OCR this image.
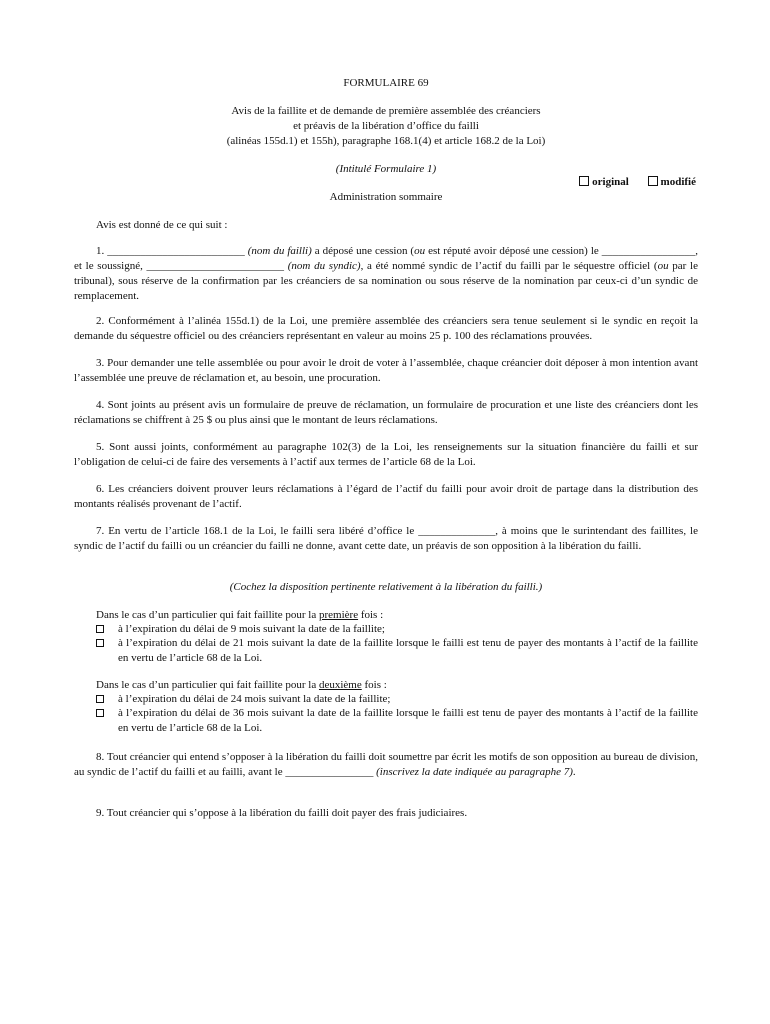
FORMULAIRE 69
Avis de la faillite et de demande de première assemblée des créanciers
et préavis de la libération d’office du failli
(alinéas 155d.1) et 155h), paragraphe 168.1(4) et article 168.2 de la Loi)
(Intitulé Formulaire 1)
original	modifié
Administration sommaire
Avis est donné de ce qui suit :
1. _________________________ (nom du failli) a déposé une cession (ou est réputé avoir déposé une cession) le _________________, et le soussigné, _________________________ (nom du syndic), a été nommé syndic de l’actif du failli par le séquestre officiel (ou par le tribunal), sous réserve de la confirmation par les créanciers de sa nomination ou sous réserve de la nomination par ceux-ci d’un syndic de remplacement.
2. Conformément à l’alinéa 155d.1) de la Loi, une première assemblée des créanciers sera tenue seulement si le syndic en reçoit la demande du séquestre officiel ou des créanciers représentant en valeur au moins 25 p. 100 des réclamations prouvées.
3. Pour demander une telle assemblée ou pour avoir le droit de voter à l’assemblée, chaque créancier doit déposer à mon intention avant l’assemblée une preuve de réclamation et, au besoin, une procuration.
4. Sont joints au présent avis un formulaire de preuve de réclamation, un formulaire de procuration et une liste des créanciers dont les réclamations se chiffrent à 25 $ ou plus ainsi que le montant de leurs réclamations.
5. Sont aussi joints, conformément au paragraphe 102(3) de la Loi, les renseignements sur la situation financière du failli et sur l’obligation de celui-ci de faire des versements à l’actif aux termes de l’article 68 de la Loi.
6. Les créanciers doivent prouver leurs réclamations à l’égard de l’actif du failli pour avoir droit de partage dans la distribution des montants réalisés provenant de l’actif.
7. En vertu de l’article 168.1 de la Loi, le failli sera libéré d’office le ______________, à moins que le surintendant des faillites, le syndic de l’actif du failli ou un créancier du failli ne donne, avant cette date, un préavis de son opposition à la libération du failli.
(Cochez la disposition pertinente relativement à la libération du failli.)
Dans le cas d’un particulier qui fait faillite pour la première fois :
à l’expiration du délai de 9 mois suivant la date de la faillite;
à l’expiration du délai de 21 mois suivant la date de la faillite lorsque le failli est tenu de payer des montants à l’actif de la faillite en vertu de l’article 68 de la Loi.
Dans le cas d’un particulier qui fait faillite pour la deuxième fois :
à l’expiration du délai de 24 mois suivant la date de la faillite;
à l’expiration du délai de 36 mois suivant la date de la faillite lorsque le failli est tenu de payer des montants à l’actif de la faillite en vertu de l’article 68 de la Loi.
8. Tout créancier qui entend s’opposer à la libération du failli doit soumettre par écrit les motifs de son opposition au bureau de division, au syndic de l’actif du failli et au failli, avant le ________________ (inscrivez la date indiquée au paragraphe 7).
9. Tout créancier qui s’oppose à la libération du failli doit payer des frais judiciaires.
